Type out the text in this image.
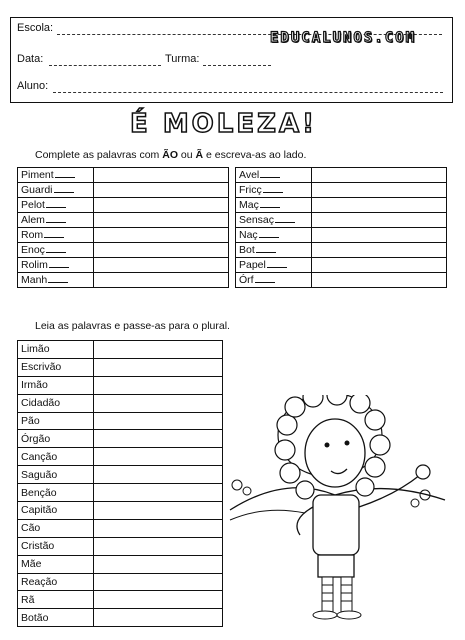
Escola:
Data:	Turma:
Aluno:
EDUCALUNOS.COM
É MOLEZA!
Complete as palavras com ÃO ou Ã e escreva-as ao lado.
Piment	
Guardi	
Pelot	
Alem	
Rom	
Enoç	
Rolim	
Manh	
Avel	
Fricç	
Maç	
Sensaç	
Naç	
Bot	
Papel	
Órf	
Leia as palavras e passe-as para o plural.
Limão	
Escrivão	
Irmão	
Cidadão	
Pão	
Órgão	
Canção	
Saguão	
Benção	
Capitão	
Cão	
Cristão	
Mãe	
Reação	
Rã	
Botão	
